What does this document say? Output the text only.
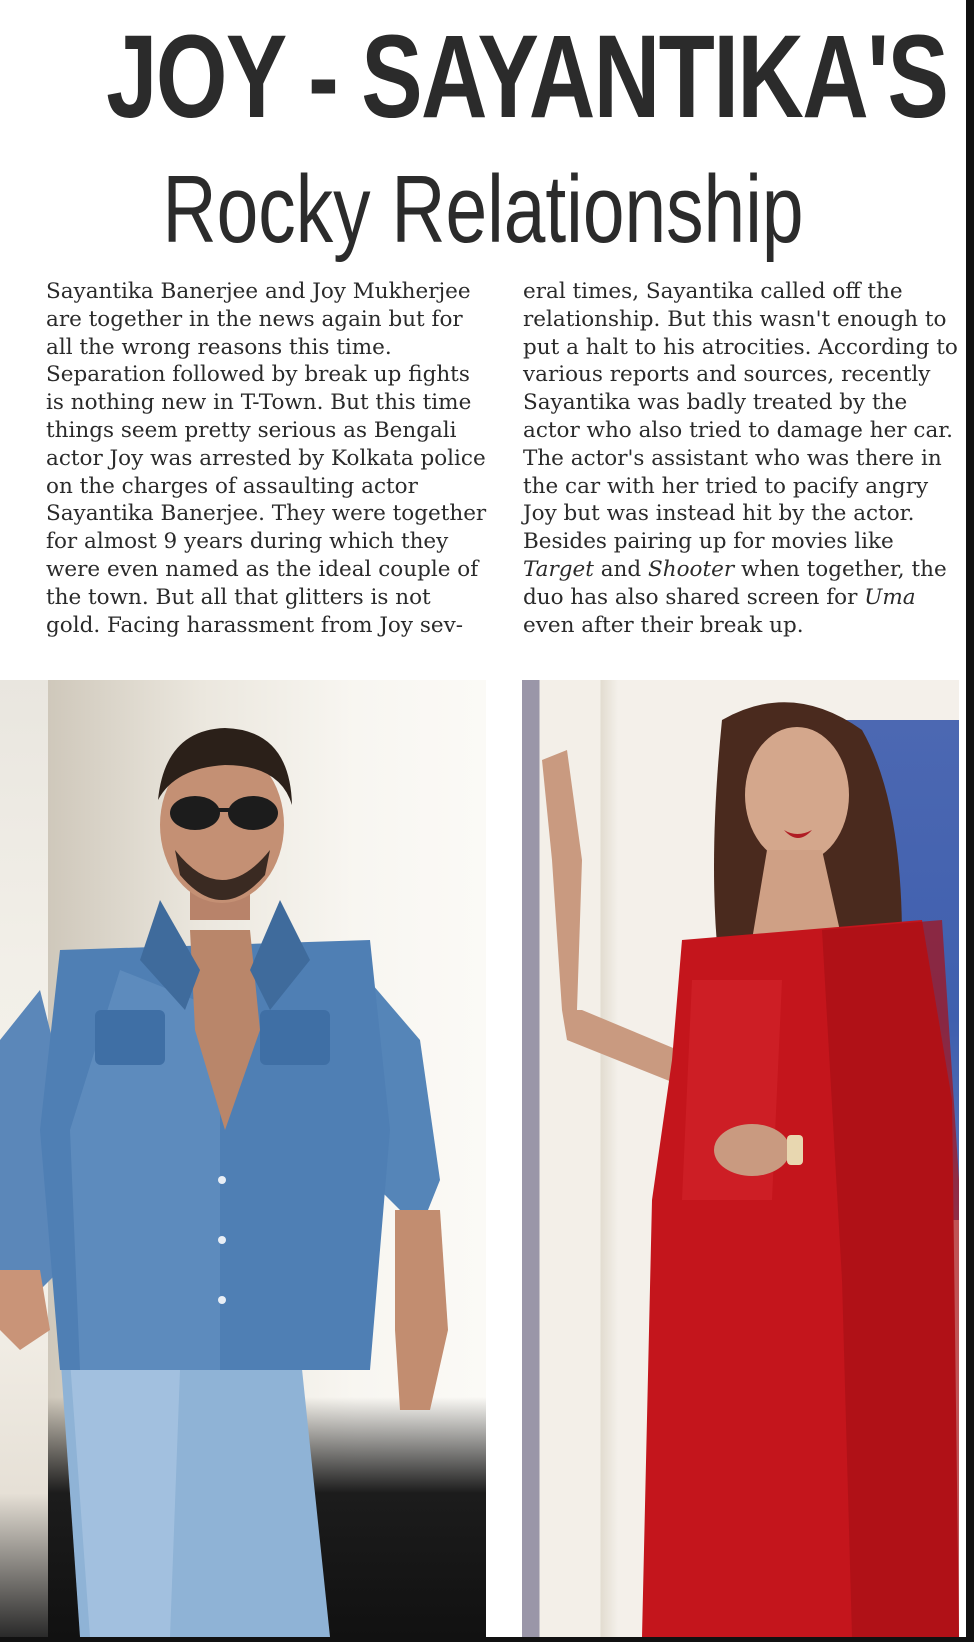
JOY - SAYANTIKA'S
Rocky Relationship

Sayantika Banerjee and Joy Mukherjee

are together in the news again but for

all the wrong reasons this time.

Separation followed by break up fights

is nothing new in T-Town. But this time

things seem pretty serious as Bengali

actor Joy was arrested by Kolkata police

on the charges of assaulting actor

Sayantika Banerjee. They were together

for almost 9 years during which they

were even named as the ideal couple of

the town. But all that glitters is not

gold. Facing harassment from Joy sev-

eral times, Sayantika called off the

relationship. But this wasn't enough to

put a halt to his atrocities. According to

various reports and sources, recently

Sayantika was badly treated by the

actor who also tried to damage her car.

The actor's assistant who was there in

the car with her tried to pacify angry

Joy but was instead hit by the actor.

Besides pairing up for movies like

Target and Shooter when together, the

duo has also shared screen for Uma

even after their break up.
